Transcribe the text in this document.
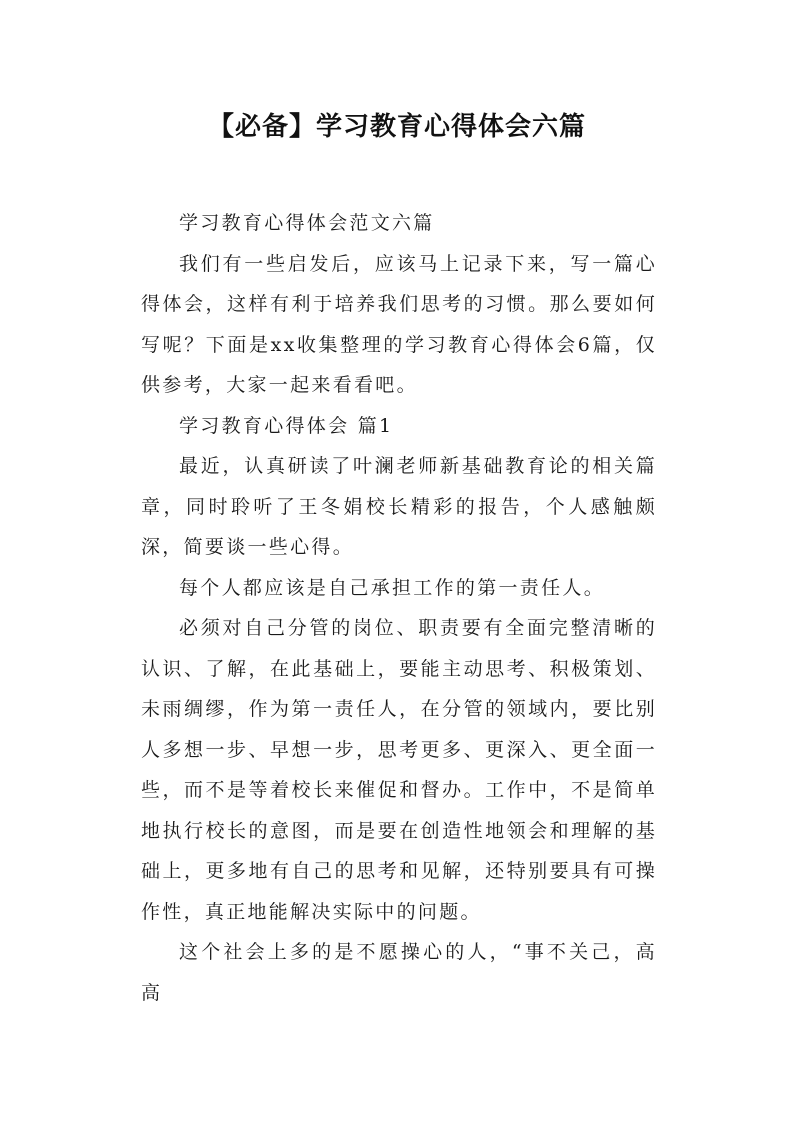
【必备】学习教育心得体会六篇

学习教育心得体会范文六篇

我们有一些启发后，应该马上记录下来，写一篇心得体会，这样有利于培养我们思考的习惯。那么要如何写呢？下面是xx收集整理的学习教育心得体会6篇，仅供参考，大家一起来看看吧。

学习教育心得体会 篇1

最近，认真研读了叶澜老师新基础教育论的相关篇章，同时聆听了王冬娟校长精彩的报告，个人感触颇深，简要谈一些心得。

每个人都应该是自己承担工作的第一责任人。

必须对自己分管的岗位、职责要有全面完整清晰的认识、了解，在此基础上，要能主动思考、积极策划、未雨绸缪，作为第一责任人，在分管的领域内，要比别人多想一步、早想一步，思考更多、更深入、更全面一些，而不是等着校长来催促和督办。工作中，不是简单地执行校长的意图，而是要在创造性地领会和理解的基础上，更多地有自己的思考和见解，还特别要具有可操作性，真正地能解决实际中的问题。

这个社会上多的是不愿操心的人，“事不关己，高高
